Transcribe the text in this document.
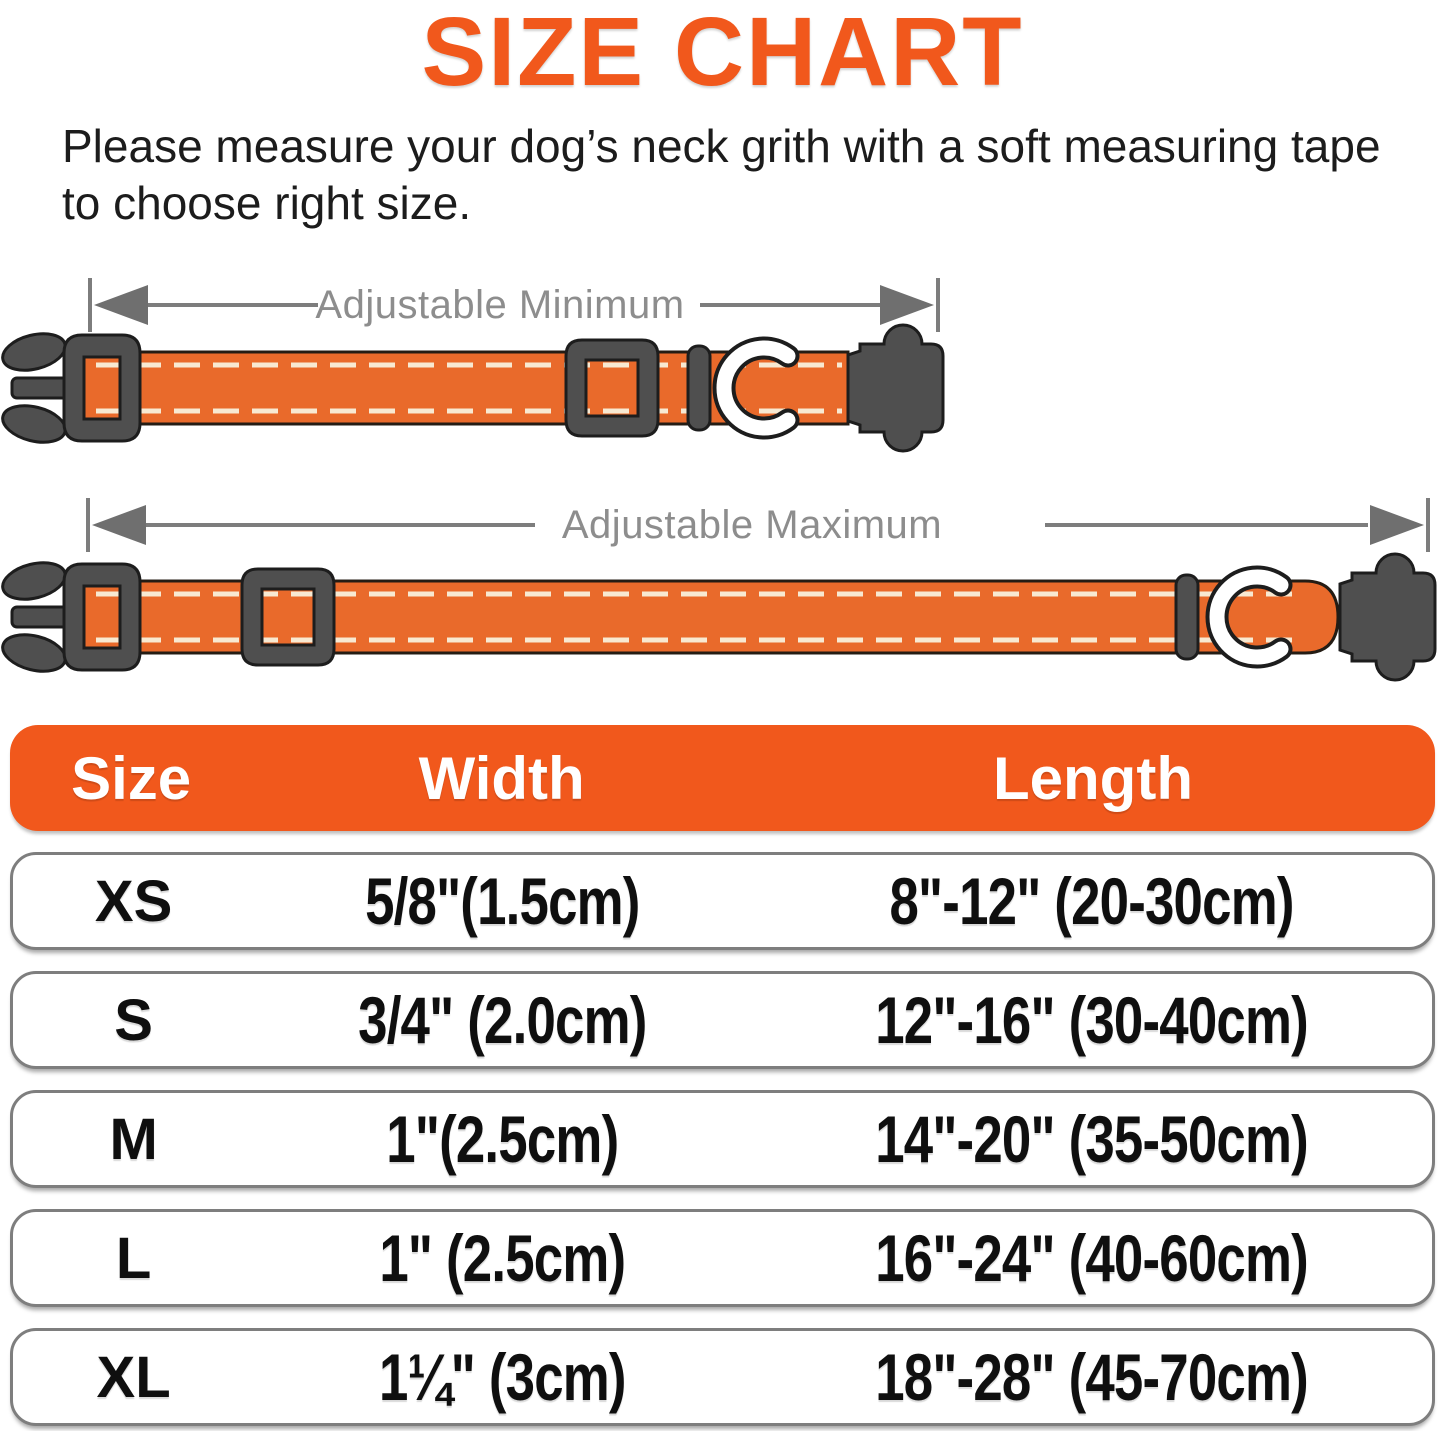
SIZE CHART
Please measure your dog’s neck grith with a soft measuring tape
to choose right size.
Adjustable Minimum
Adjustable Maximum
Size	Width	Length
XS	5/8"(1.5cm)	8"-12" (20-30cm)
S	3/4" (2.0cm)	12"-16" (30-40cm)
M	1"(2.5cm)	14"-20" (35-50cm)
L	1" (2.5cm)	16"-24" (40-60cm)
XL	1¼" (3cm)	18"-28" (45-70cm)
